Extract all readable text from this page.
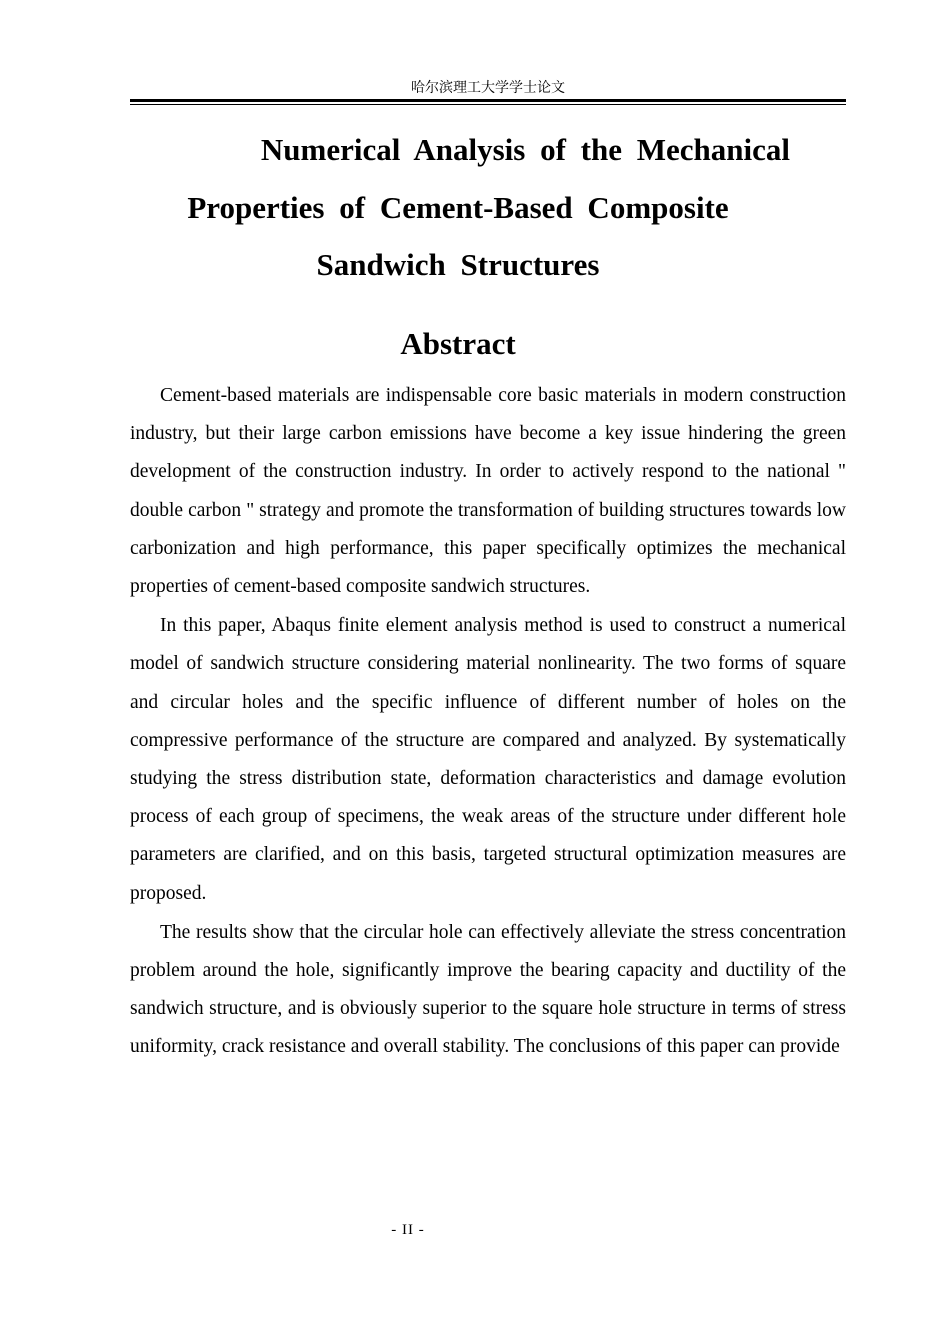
哈尔滨理工大学学士论文
Numerical Analysis of the Mechanical
Properties of Cement-Based Composite
Sandwich Structures
Abstract

Cement-based materials are indispensable core basic materials in modern construction industry, but their large carbon emissions have become a key issue hindering the green development of the construction industry. In order to actively respond to the national " double carbon " strategy and promote the transformation of building structures towards low carbonization and high performance, this paper specifically optimizes the mechanical properties of cement-based composite sandwich structures.

In this paper, Abaqus finite element analysis method is used to construct a numerical model of sandwich structure considering material nonlinearity. The two forms of square and circular holes and the specific influence of different number of holes on the compressive performance of the structure are compared and analyzed. By systematically studying the stress distribution state, deformation characteristics and damage evolution process of each group of specimens, the weak areas of the structure under different hole parameters are clarified, and on this basis, targeted structural optimization measures are proposed.

The results show that the circular hole can effectively alleviate the stress concentration problem around the hole, significantly improve the bearing capacity and ductility of the sandwich structure, and is obviously superior to the square hole structure in terms of stress uniformity, crack resistance and overall stability. The conclusions of this paper can provide

- II -
